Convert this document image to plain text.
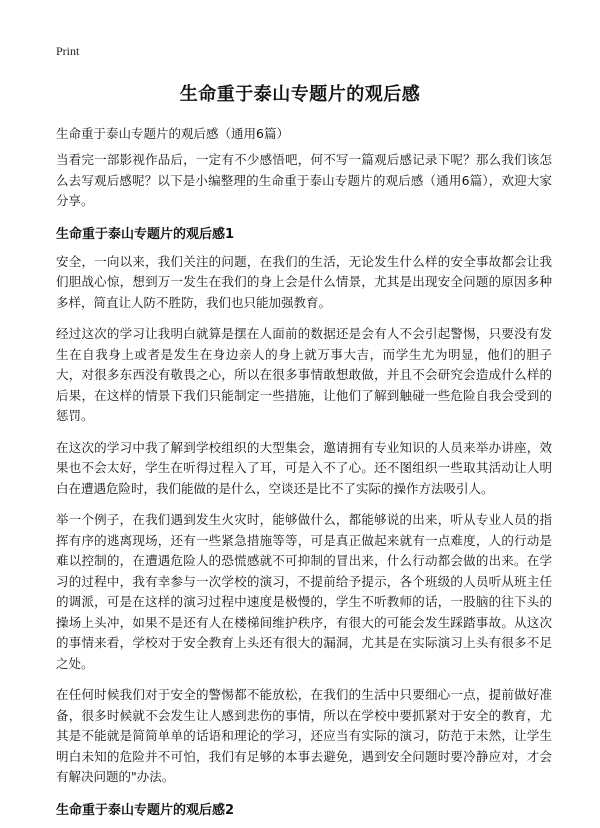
Print
生命重于泰山专题片的观后感

生命重于泰山专题片的观后感（通用6篇）

当看完一部影视作品后，一定有不少感悟吧，何不写一篇观后感记录下呢？那么我们该怎么去写观后感呢？以下是小编整理的生命重于泰山专题片的观后感（通用6篇），欢迎大家分享。

生命重于泰山专题片的观后感1

安全，一向以来，我们关注的问题，在我们的生活，无论发生什么样的安全事故都会让我们胆战心惊，想到万一发生在我们的身上会是什么情景，尤其是出现安全问题的原因多种多样，简直让人防不胜防，我们也只能加强教育。

经过这次的学习让我明白就算是摆在人面前的数据还是会有人不会引起警惕，只要没有发生在自我身上或者是发生在身边亲人的身上就万事大吉，而学生尤为明显，他们的胆子大，对很多东西没有敬畏之心，所以在很多事情敢想敢做，并且不会研究会造成什么样的后果，在这样的情景下我们只能制定一些措施，让他们了解到触碰一些危险自我会受到的惩罚。

在这次的学习中我了解到学校组织的大型集会，邀请拥有专业知识的人员来举办讲座，效果也不会太好，学生在听得过程入了耳，可是入不了心。还不图组织一些取其活动让人明白在遭遇危险时，我们能做的是什么，空谈还是比不了实际的操作方法吸引人。

举一个例子，在我们遇到发生火灾时，能够做什么，都能够说的出来，听从专业人员的指挥有序的逃离现场，还有一些紧急措施等等，可是真正做起来就有一点难度，人的行动是难以控制的，在遭遇危险人的恐慌感就不可抑制的冒出来，什么行动都会做的出来。在学习的过程中，我有幸参与一次学校的演习，不提前给予提示，各个班级的人员听从班主任的调派，可是在这样的演习过程中速度是极慢的，学生不听教师的话，一股脑的往下头的操场上头冲，如果不是还有人在楼梯间维护秩序，有很大的可能会发生踩踏事故。从这次的事情来看，学校对于安全教育上头还有很大的漏洞，尤其是在实际演习上头有很多不足之处。

在任何时候我们对于安全的警惕都不能放松，在我们的生活中只要细心一点，提前做好准备，很多时候就不会发生让人感到悲伤的事情，所以在学校中要抓紧对于安全的教育，尤其是不能就是简简单单的话语和理论的学习，还应当有实际的演习，防范于未然，让学生明白未知的危险并不可怕，我们有足够的本事去避免，遇到安全问题时要冷静应对，才会有解决问题的"办法。

生命重于泰山专题片的观后感2
